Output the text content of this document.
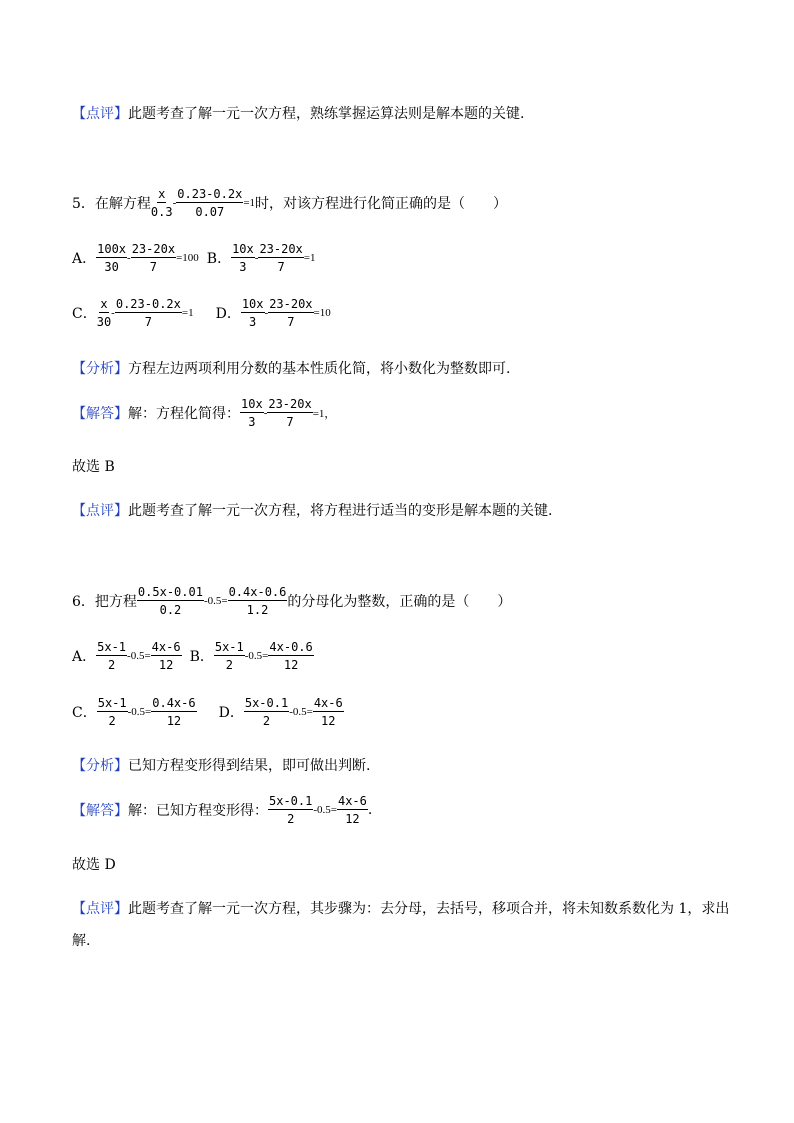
【点评】 此题考查了解一元一次方程，熟练掌握运算法则是解本题的关键.
5．在解方程 $\frac{x}{0.3} - \frac{0.23-0.2x}{0.07} =1$ 时，对该方程进行化简正确的是（　　）
A． $\frac{100x}{30} - \frac{23-20x}{7} =100$ B． $\frac{10x}{3} - \frac{23-20x}{7} =1$
C． $\frac{x}{30} - \frac{0.23-0.2x}{7} =1$ D． $\frac{10x}{3} - \frac{23-20x}{7} =10$
【分析】 方程左边两项利用分数的基本性质化简，将小数化为整数即可.
【解答】 解：方程化简得： $\frac{10x}{3} - \frac{23-20x}{7} =1$，
故选 B
【点评】 此题考查了解一元一次方程，将方程进行适当的变形是解本题的关键.
6．把方程 $\frac{0.5x-0.01}{0.2} -0.5= \frac{0.4x-0.6}{1.2}$ 的分母化为整数，正确的是（　　）
A． $\frac{5x-1}{2} -0.5= \frac{4x-6}{12}$ B． $\frac{5x-1}{2} -0.5= \frac{4x-0.6}{12}$
C． $\frac{5x-1}{2} -0.5= \frac{0.4x-6}{12}$ D． $\frac{5x-0.1}{2} -0.5= \frac{4x-6}{12}$
【分析】 已知方程变形得到结果，即可做出判断.
【解答】 解：已知方程变形得： $\frac{5x-0.1}{2} -0.5= \frac{4x-6}{12}$ .
故选 D
【点评】 此题考查了解一元一次方程，其步骤为：去分母，去括号，移项合并，将未知数系数化为 1，求出
解.
